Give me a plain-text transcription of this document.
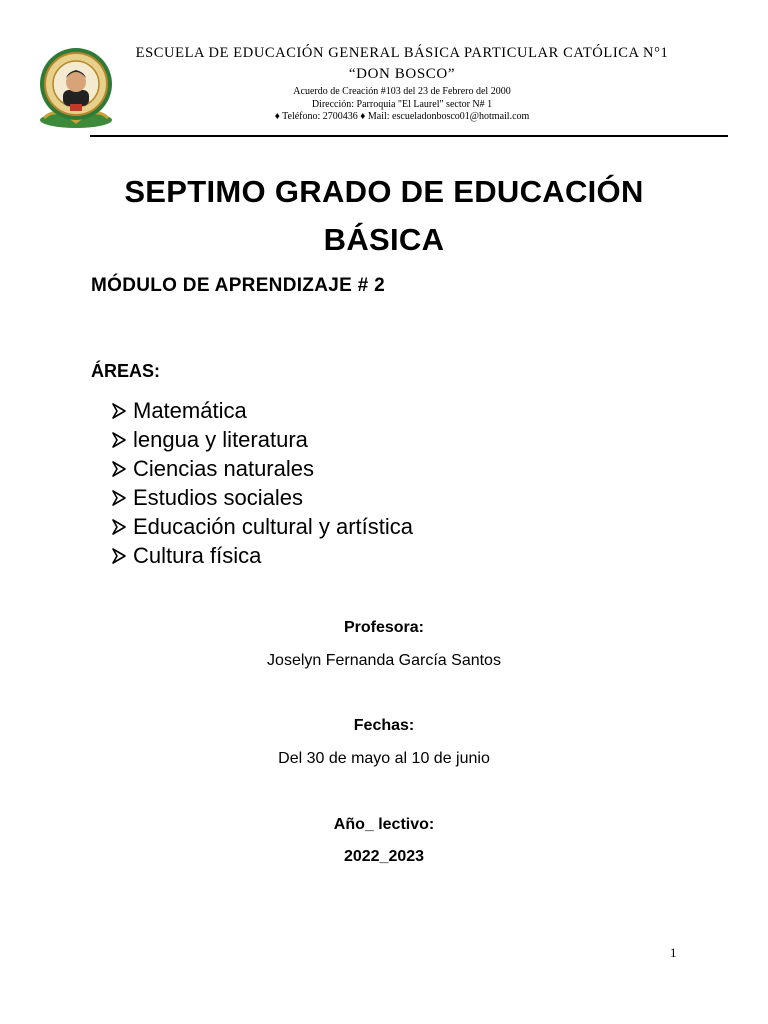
ESCUELA DE EDUCACIÓN GENERAL BÁSICA PARTICULAR CATÓLICA N°1
“DON BOSCO”
Acuerdo de Creación #103 del 23 de Febrero del 2000
Dirección: Parroquia "El Laurel" sector N# 1
♦ Teléfono: 2700436 ♦ Mail: escueladonbosco01@hotmail.com
SEPTIMO GRADO DE EDUCACIÓN BÁSICA
MÓDULO DE APRENDIZAJE # 2
ÁREAS:
Matemática
lengua y literatura
Ciencias naturales
Estudios sociales
Educación cultural y artística
Cultura física
Profesora:
Joselyn Fernanda García Santos
Fechas:
Del 30 de mayo al 10 de junio
Año_ lectivo:
2022_2023
1
